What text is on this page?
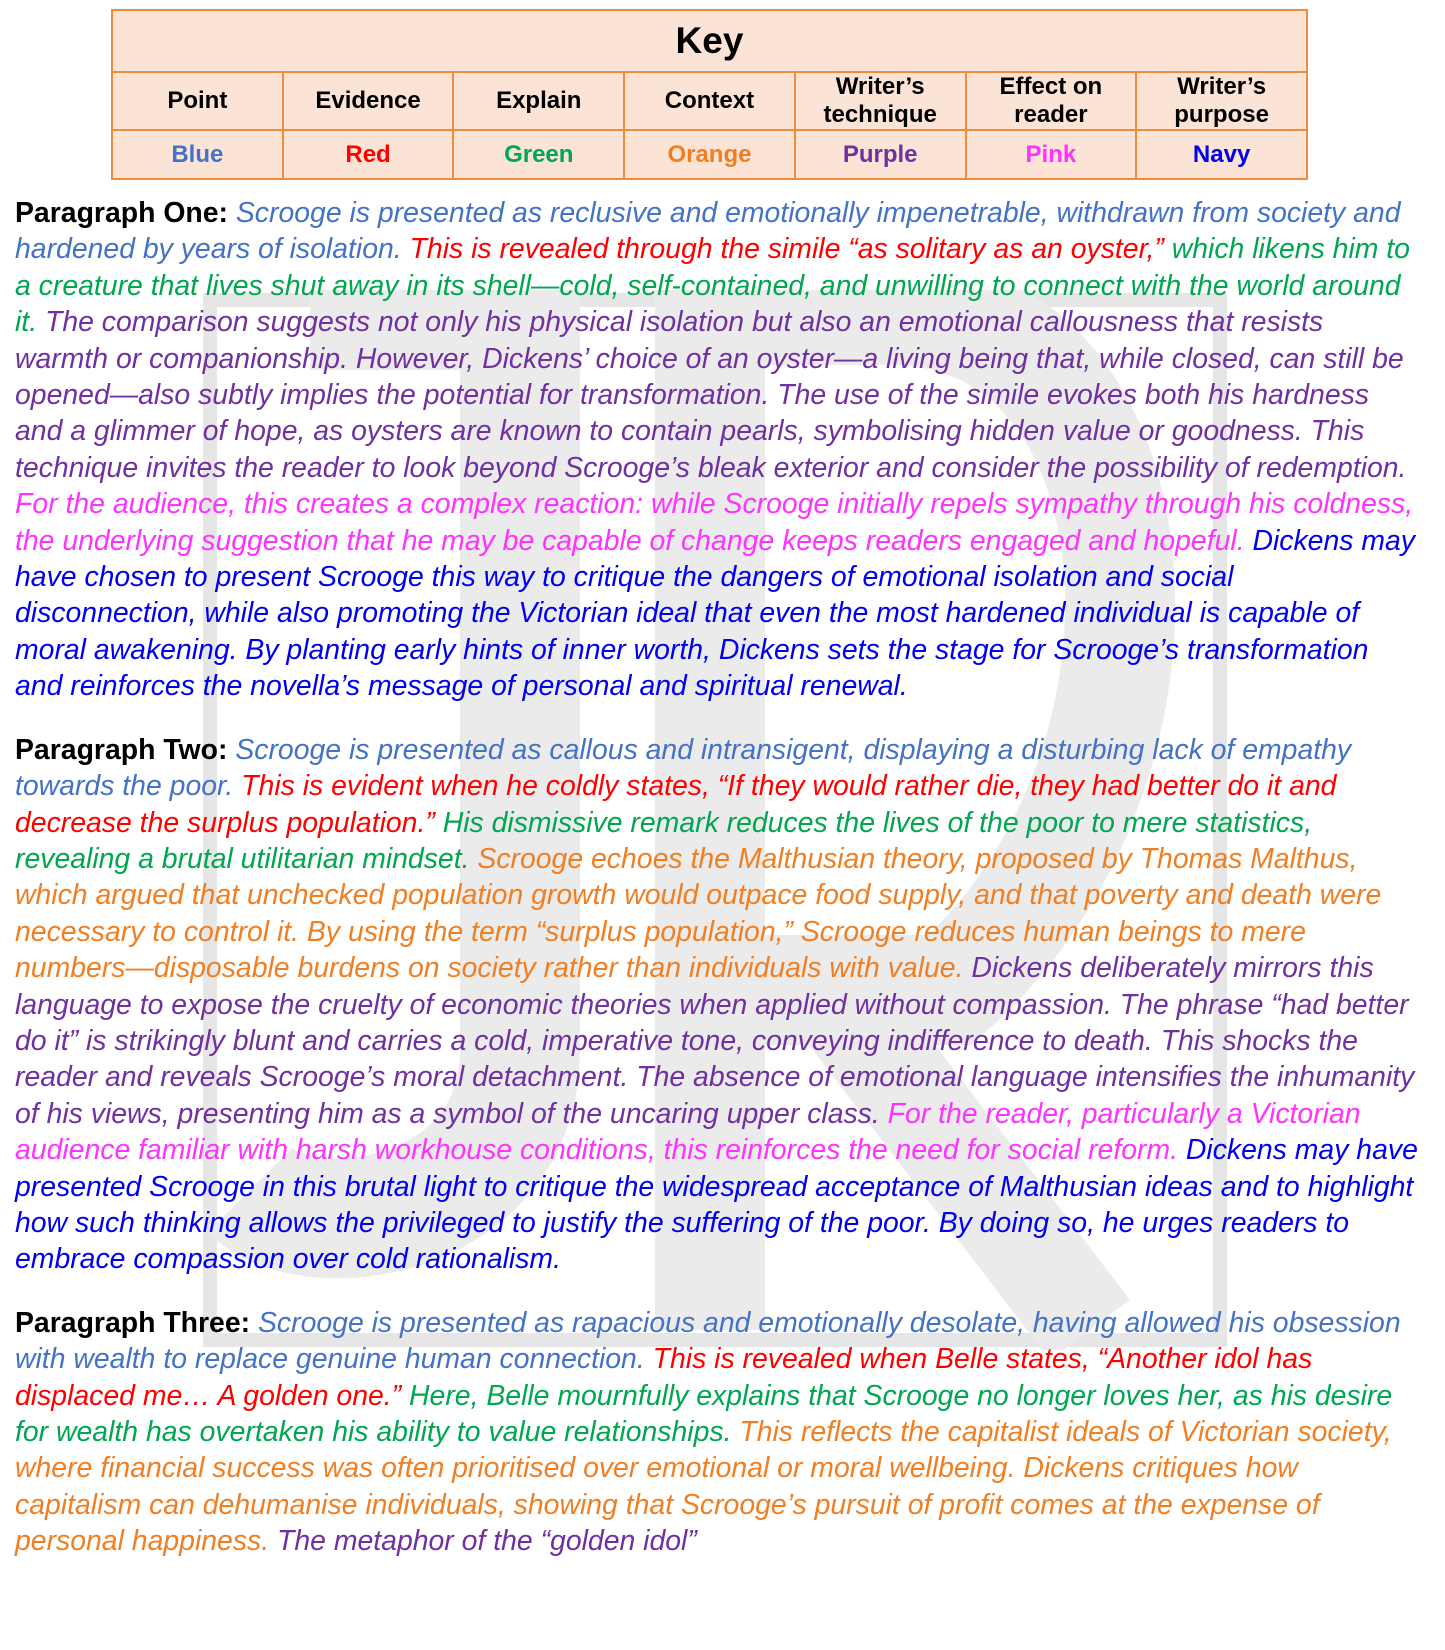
Key						
Point	Evidence	Explain	Context	Writer’s technique	Effect on reader	Writer’s purpose
Blue	Red	Green	Orange	Purple	Pink	Navy

Paragraph One: Scrooge is presented as reclusive and emotionally impenetrable, withdrawn from society and hardened by years of isolation. This is revealed through the simile “as solitary as an oyster,” which likens him to a creature that lives shut away in its shell—cold, self-contained, and unwilling to connect with the world around it. The comparison suggests not only his physical isolation but also an emotional callousness that resists warmth or companionship. However, Dickens’ choice of an oyster—a living being that, while closed, can still be opened—also subtly implies the potential for transformation. The use of the simile evokes both his hardness and a glimmer of hope, as oysters are known to contain pearls, symbolising hidden value or goodness. This technique invites the reader to look beyond Scrooge’s bleak exterior and consider the possibility of redemption. For the audience, this creates a complex reaction: while Scrooge initially repels sympathy through his coldness, the underlying suggestion that he may be capable of change keeps readers engaged and hopeful. Dickens may have chosen to present Scrooge this way to critique the dangers of emotional isolation and social disconnection, while also promoting the Victorian ideal that even the most hardened individual is capable of moral awakening. By planting early hints of inner worth, Dickens sets the stage for Scrooge’s transformation and reinforces the novella’s message of personal and spiritual renewal.

Paragraph Two: Scrooge is presented as callous and intransigent, displaying a disturbing lack of empathy towards the poor. This is evident when he coldly states, “If they would rather die, they had better do it and decrease the surplus population.” His dismissive remark reduces the lives of the poor to mere statistics, revealing a brutal utilitarian mindset. Scrooge echoes the Malthusian theory, proposed by Thomas Malthus, which argued that unchecked population growth would outpace food supply, and that poverty and death were necessary to control it. By using the term “surplus population,” Scrooge reduces human beings to mere numbers—disposable burdens on society rather than individuals with value. Dickens deliberately mirrors this language to expose the cruelty of economic theories when applied without compassion. The phrase “had better do it” is strikingly blunt and carries a cold, imperative tone, conveying indifference to death. This shocks the reader and reveals Scrooge’s moral detachment. The absence of emotional language intensifies the inhumanity of his views, presenting him as a symbol of the uncaring upper class. For the reader, particularly a Victorian audience familiar with harsh workhouse conditions, this reinforces the need for social reform. Dickens may have presented Scrooge in this brutal light to critique the widespread acceptance of Malthusian ideas and to highlight how such thinking allows the privileged to justify the suffering of the poor. By doing so, he urges readers to embrace compassion over cold rationalism.

Paragraph Three: Scrooge is presented as rapacious and emotionally desolate, having allowed his obsession with wealth to replace genuine human connection. This is revealed when Belle states, “Another idol has displaced me… A golden one.” Here, Belle mournfully explains that Scrooge no longer loves her, as his desire for wealth has overtaken his ability to value relationships. This reflects the capitalist ideals of Victorian society, where financial success was often prioritised over emotional or moral wellbeing. Dickens critiques how capitalism can dehumanise individuals, showing that Scrooge’s pursuit of profit comes at the expense of personal happiness. The metaphor of the “golden idol”
